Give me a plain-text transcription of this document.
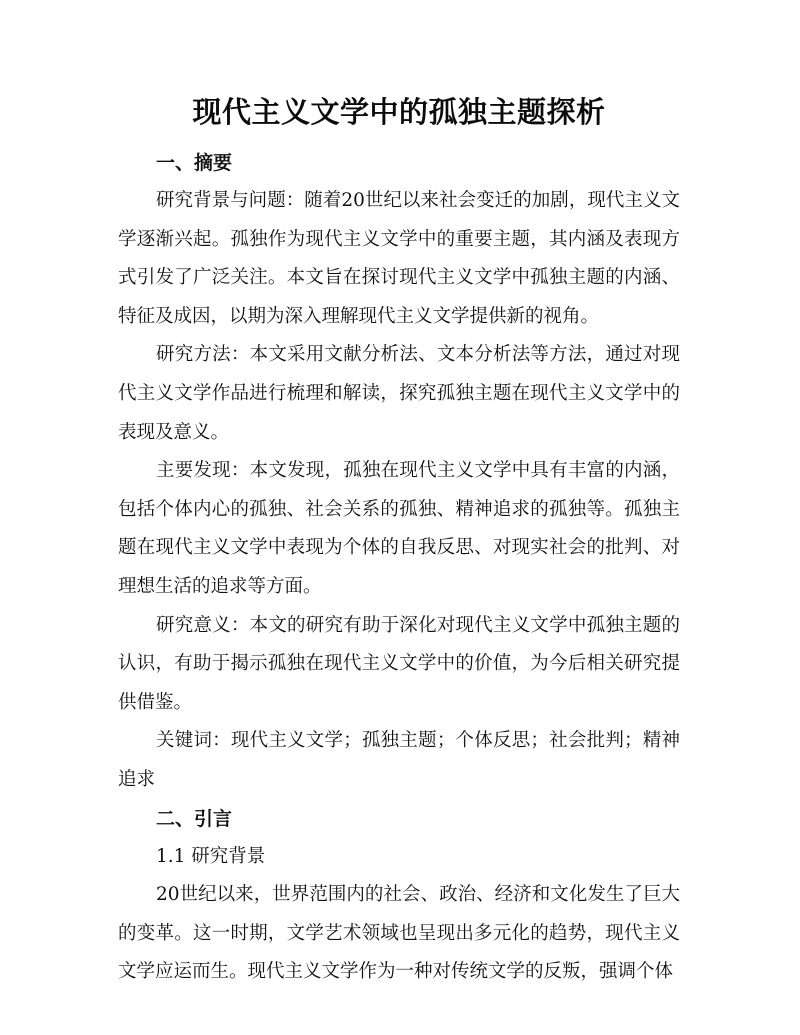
现代主义文学中的孤独主题探析
一、摘要

研究背景与问题：随着20世纪以来社会变迁的加剧，现代主义文学逐渐兴起。孤独作为现代主义文学中的重要主题，其内涵及表现方式引发了广泛关注。本文旨在探讨现代主义文学中孤独主题的内涵、特征及成因，以期为深入理解现代主义文学提供新的视角。

研究方法：本文采用文献分析法、文本分析法等方法，通过对现代主义文学作品进行梳理和解读，探究孤独主题在现代主义文学中的表现及意义。

主要发现：本文发现，孤独在现代主义文学中具有丰富的内涵，包括个体内心的孤独、社会关系的孤独、精神追求的孤独等。孤独主题在现代主义文学中表现为个体的自我反思、对现实社会的批判、对理想生活的追求等方面。

研究意义：本文的研究有助于深化对现代主义文学中孤独主题的认识，有助于揭示孤独在现代主义文学中的价值，为今后相关研究提供借鉴。

关键词：现代主义文学；孤独主题；个体反思；社会批判；精神追求

二、引言
1.1 研究背景

20世纪以来，世界范围内的社会、政治、经济和文化发生了巨大的变革。这一时期，文学艺术领域也呈现出多元化的趋势，现代主义文学应运而生。现代主义文学作为一种对传统文学的反叛，强调个体
